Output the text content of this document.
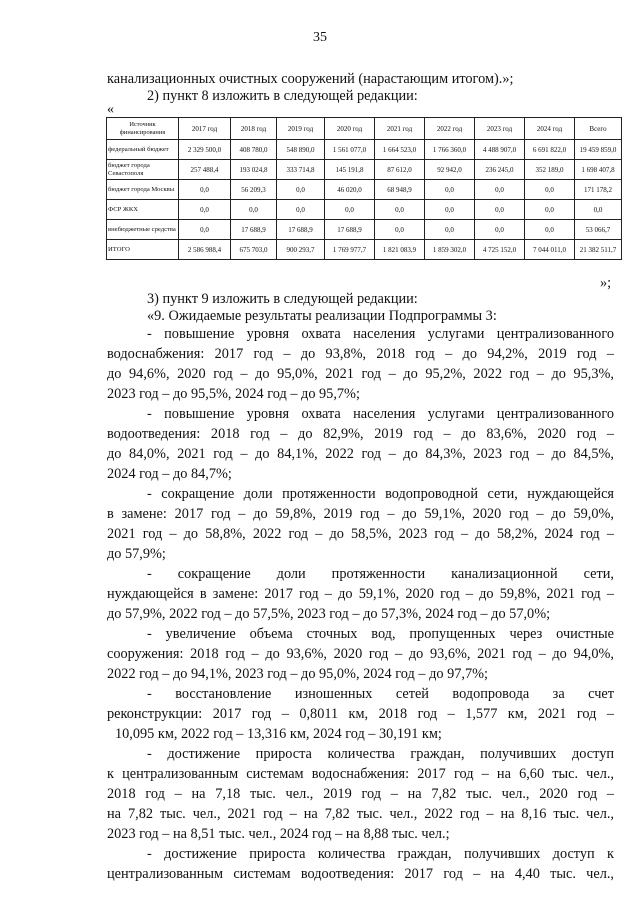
35
канализационных очистных сооружений (нарастающим итогом).»;
2) пункт 8 изложить в следующей редакции:
«
Источник финансирования	2017 год	2018 год	2019 год	2020 год	2021 год	2022 год	2023 год	2024 год	Всего
федеральный бюджет	2 329 500,0	408 780,0	548 890,0	1 561 077,0	1 664 523,0	1 766 360,0	4 488 907,0	6 691 822,0	19 459 859,0
бюджет города Севастополя	257 488,4	193 024,8	333 714,8	145 191,8	87 612,0	92 942,0	236 245,0	352 189,0	1 698 407,8
бюджет города Москвы	0,0	56 209,3	0,0	46 020,0	68 948,9	0,0	0,0	0,0	171 178,2
ФСР ЖКХ	0,0	0,0	0,0	0,0	0,0	0,0	0,0	0,0	0,0
внебюджетные средства	0,0	17 688,9	17 688,9	17 688,9	0,0	0,0	0,0	0,0	53 066,7
ИТОГО	2 586 988,4	675 703,0	900 293,7	1 769 977,7	1 821 083,9	1 859 302,0	4 725 152,0	7 044 011,0	21 382 511,7
»;
3) пункт 9 изложить в следующей редакции:
«9. Ожидаемые результаты реализации Подпрограммы 3:
- повышение уровня охвата населения услугами централизованного
водоснабжения: 2017 год – до 93,8%, 2018 год – до 94,2%, 2019 год –
до 94,6%, 2020 год – до 95,0%, 2021 год – до 95,2%, 2022 год – до 95,3%,
2023 год – до 95,5%, 2024 год – до 95,7%;
- повышение уровня охвата населения услугами централизованного
водоотведения: 2018 год – до 82,9%, 2019 год – до 83,6%, 2020 год –
до 84,0%, 2021 год – до 84,1%, 2022 год – до 84,3%, 2023 год – до 84,5%,
2024 год – до 84,7%;
- сокращение доли протяженности водопроводной сети, нуждающейся
в замене: 2017 год – до 59,8%, 2019 год – до 59,1%, 2020 год – до 59,0%,
2021 год – до 58,8%, 2022 год – до 58,5%, 2023 год – до 58,2%, 2024 год –
до 57,9%;
- сокращение доли протяженности канализационной сети,
нуждающейся в замене: 2017 год – до 59,1%, 2020 год – до 59,8%, 2021 год –
до 57,9%, 2022 год – до 57,5%, 2023 год – до 57,3%, 2024 год – до 57,0%;
- увеличение объема сточных вод, пропущенных через очистные
сооружения: 2018 год – до 93,6%, 2020 год – до 93,6%, 2021 год – до 94,0%,
2022 год – до 94,1%, 2023 год – до 95,0%, 2024 год – до 97,7%;
- восстановление изношенных сетей водопровода за счет
реконструкции: 2017 год – 0,8011 км, 2018 год – 1,577 км, 2021 год –
10,095 км, 2022 год – 13,316 км, 2024 год – 30,191 км;
- достижение прироста количества граждан, получивших доступ
к централизованным системам водоснабжения: 2017 год – на 6,60 тыс. чел.,
2018 год – на 7,18 тыс. чел., 2019 год – на 7,82 тыс. чел., 2020 год –
на 7,82 тыс. чел., 2021 год – на 7,82 тыс. чел., 2022 год – на 8,16 тыс. чел.,
2023 год – на 8,51 тыс. чел., 2024 год – на 8,88 тыс. чел.;
- достижение прироста количества граждан, получивших доступ к
централизованным системам водоотведения: 2017 год – на 4,40 тыс. чел.,
